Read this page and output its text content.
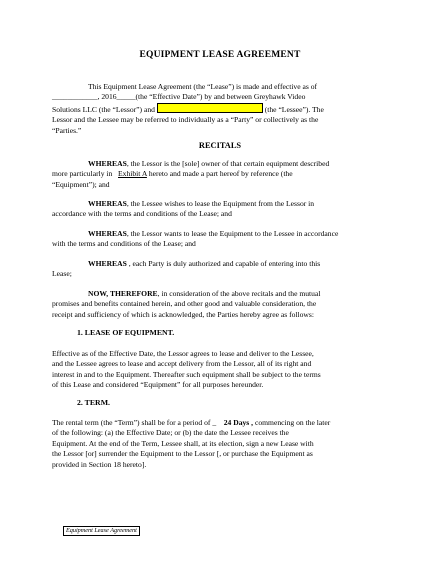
EQUIPMENT LEASE AGREEMENT

This Equipment Lease Agreement (the “Lease”) is made and effective as of

____________, 2016_____(the “Effective Date”) by and between Greyhawk Video

Solutions LLC (the “Lessor”) and	(the “Lessee”). The

Lessor and the Lessee may be referred to individually as a “Party” or collectively as the

“Parties.”

RECITALS

WHEREAS, the Lessor is the [sole] owner of that certain equipment described

more particularly in Exhibit A hereto and made a part hereof by reference (the

“Equipment”); and

WHEREAS, the Lessee wishes to lease the Equipment from the Lessor in

accordance with the terms and conditions of the Lease; and

WHEREAS, the Lessor wants to lease the Equipment to the Lessee in accordance

with the terms and conditions of the Lease; and

WHEREAS , each Party is duly authorized and capable of entering into this

Lease;

NOW, THEREFORE, in consideration of the above recitals and the mutual

promises and benefits contained herein, and other good and valuable consideration, the

receipt and sufficiency of which is acknowledged, the Parties hereby agree as follows:

1. LEASE OF EQUIPMENT.

Effective as of the Effective Date, the Lessor agrees to lease and deliver to the Lessee,

and the Lessee agrees to lease and accept delivery from the Lessor, all of its right and

interest in and to the Equipment. Thereafter such equipment shall be subject to the terms

of this Lease and considered “Equipment” for all purposes hereunder.

2. TERM.

The rental term (the “Term”) shall be for a period of _ 24 Days , commencing on the later

of the following: (a) the Effective Date; or (b) the date the Lessee receives the

Equipment. At the end of the Term, Lessee shall, at its election, sign a new Lease with

the Lessor [or] surrender the Equipment to the Lessor [, or purchase the Equipment as

provided in Section 18 hereto].

Equipment Lease Agreement
